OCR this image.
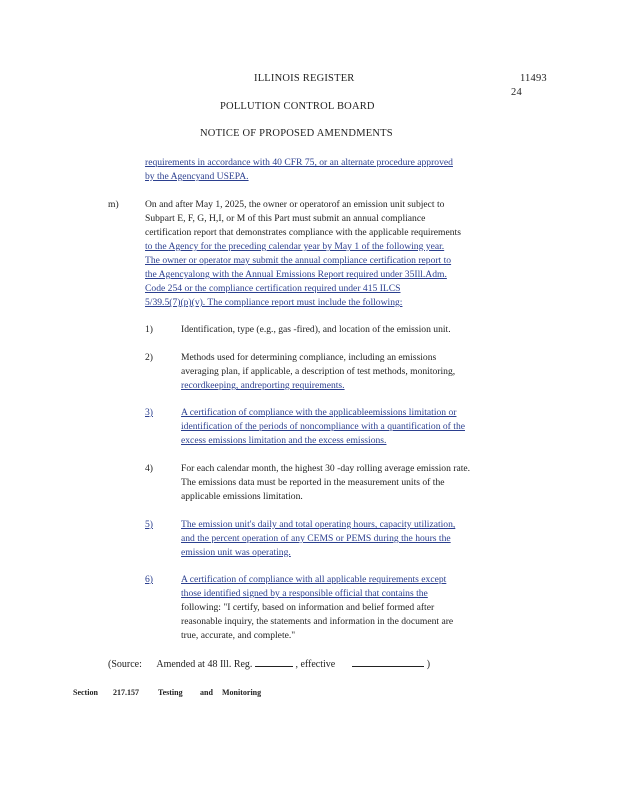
ILLINOIS REGISTER	11493
24
POLLUTION CONTROL BOARD
NOTICE OF PROPOSED AMENDMENTS
requirements in accordance with 40 CFR 75, or an alternate procedure approved
by the Agencyand USEPA.
m)	On and after May 1, 2025, the owner or operatorof an emission unit subject to
Subpart E, F, G, H,I, or M of this Part must submit an annual compliance
certification report that demonstrates compliance with the applicable requirements
to the Agency for the preceding calendar year by May 1 of the following year.
The owner or operator may submit the annual compliance certification report to
the Agencyalong with the Annual Emissions Report required under 35Ill.Adm.
Code 254 or the compliance certification required under 415 ILCS
5/39.5(7)(p)(v). The compliance report must include the following:
1)	Identification, type (e.g., gas -fired), and location of the emission unit.
2)	Methods used for determining compliance, including an emissions
averaging plan, if applicable, a description of test methods, monitoring,
recordkeeping, andreporting requirements.
3)	A certification of compliance with the applicableemissions limitation or
identification of the periods of noncompliance with a quantification of the
excess emissions limitation and the excess emissions.
4)	For each calendar month, the highest 30 -day rolling average emission rate.
The emissions data must be reported in the measurement units of the
applicable emissions limitation.
5)	The emission unit's daily and total operating hours, capacity utilization,
and the percent operation of any CEMS or PEMS during the hours the
emission unit was operating.
6)	A certification of compliance with all applicable requirements except
those identified signed by a responsible official that contains the
following: "I certify, based on information and belief formed after
reasonable inquiry, the statements and information in the document are
true, accurate, and complete."
(Source: Amended at 48 Ill. Reg.	, effective	)
Section 217.157 Testing and Monitoring
